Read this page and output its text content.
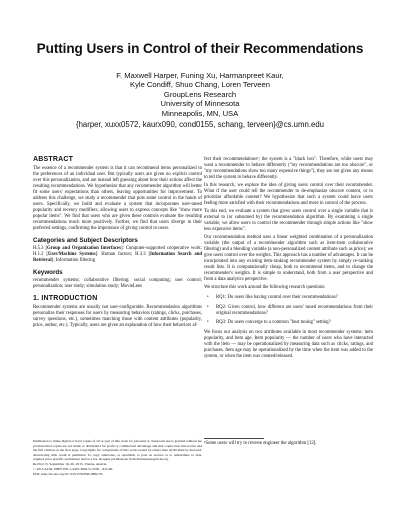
Putting Users in Control of their Recommendations
F. Maxwell Harper, Funing Xu, Harmanpreet Kaur,
Kyle Condiff, Shuo Chang, Loren Terveen
GroupLens Research
University of Minnesota
Minneapolis, MN, USA
{harper, xuxx0572, kaurx090, cond0155, schang, terveen}@cs.umn.edu
ABSTRACT

The essence of a recommender system is that it can recommend items personalized to the preferences of an individual user. But typically users are given no explicit control over this personalization, and are instead left guessing about how their actions affect the resulting recommendations. We hypothesize that any recommender algorithm will better fit some users' expectations than others, leaving opportunities for improvement. To address this challenge, we study a recommender that puts some control in the hands of users. Specifically, we build and evaluate a system that incorporates user-tuned popularity and recency modifiers, allowing users to express concepts like "show more popular items". We find that users who are given these controls evaluate the resulting recommendations much more positively. Further, we find that users diverge in their preferred settings, confirming the importance of giving control to users.

Categories and Subject Descriptors

H.5.3 [Group and Organization Interfaces]: Computer-supported cooperative work; H.1.2 [User/Machine Systems]: Human factors; H.3.3 [Information Search and Retrieval]: Information filtering

Keywords

recommender systems; collaborative filtering; social computing; user control; personalization; user study; simulation study; MovieLens

1. INTRODUCTION

Recommender systems are usually not user-configurable. Recommendation algorithms personalize their responses for users by measuring behaviors (ratings, clicks, purchases, survey questions, etc.), sometimes matching those with content attributes (popularity, price, author, etc.). Typically, users are given an explanation of how their behaviors af-

Permission to make digital or hard copies of all or part of this work for personal or classroom use is granted without fee provided that copies are not made or distributed for profit or commercial advantage and that copies bear this notice and the full citation on the first page. Copyrights for components of this work owned by others than ACM must be honored. Abstracting with credit is permitted. To copy otherwise, or republish, to post on servers or to redistribute to lists, requires prior specific permission and/or a fee. Request permissions from Permissions@acm.org.

RecSys'15, September 16–20, 2015, Vienna, Austria.

© 2015 ACM. ISBN 978-1-4503-3692-5/15/09 ...$15.00.

DOI: http://dx.doi.org/10.1145/2792838.2800179.

fect their recommendations¹; the system is a "black box". Therefore, while users may want a recommender to behave differently ("my recommendations are too obscure", or "my recommendations show too many expensive things"), they are not given any means to tell the system to behave differently.

In this research, we explore the idea of giving users control over their recommender. What if the user could tell the recommender to de-emphasize obscure content, or to prioritize affordable content? We hypothesize that such a system could leave users feeling more satisfied with their recommendations and more in control of the process.

To this end, we evaluate a system that gives users control over a single variable that is external to (or subsumed by) the recommendation algorithm. By examining a single variable, we allow users to control the recommender through simple actions like "show less expensive items".

Our recommendation method uses a linear weighted combination of a personalization variable (the output of a recommender algorithm such as item-item collaborative filtering) and a blending variable (a non-personalized content attribute such as price); we give users control over the weights. This approach has a number of advantages. It can be incorporated into any existing item-ranking recommender system by simply re-ranking result lists. It is computationally cheap, both to recommend items, and to change the recommender's weights. It is simple to understand, both from a user perspective and from a data analytics perspective.

We structure this work around the following research questions:

• RQ1: Do users like having control over their recommendations?
• RQ2: Given control, how different are users' tuned recommendations from their original recommendations?
• RQ3: Do users converge to a common "best tuning" setting?

We focus our analysis on two attributes available in most recommender systems: item popularity, and item age. Item popularity — the number of users who have interacted with the item — may be operationalized by measuring data such as clicks, ratings, and purchases. Item age may be operationalized by the time when the item was added to the system, or when the item was created/released.

¹Some users will try to reverse engineer the algorithm [12].
